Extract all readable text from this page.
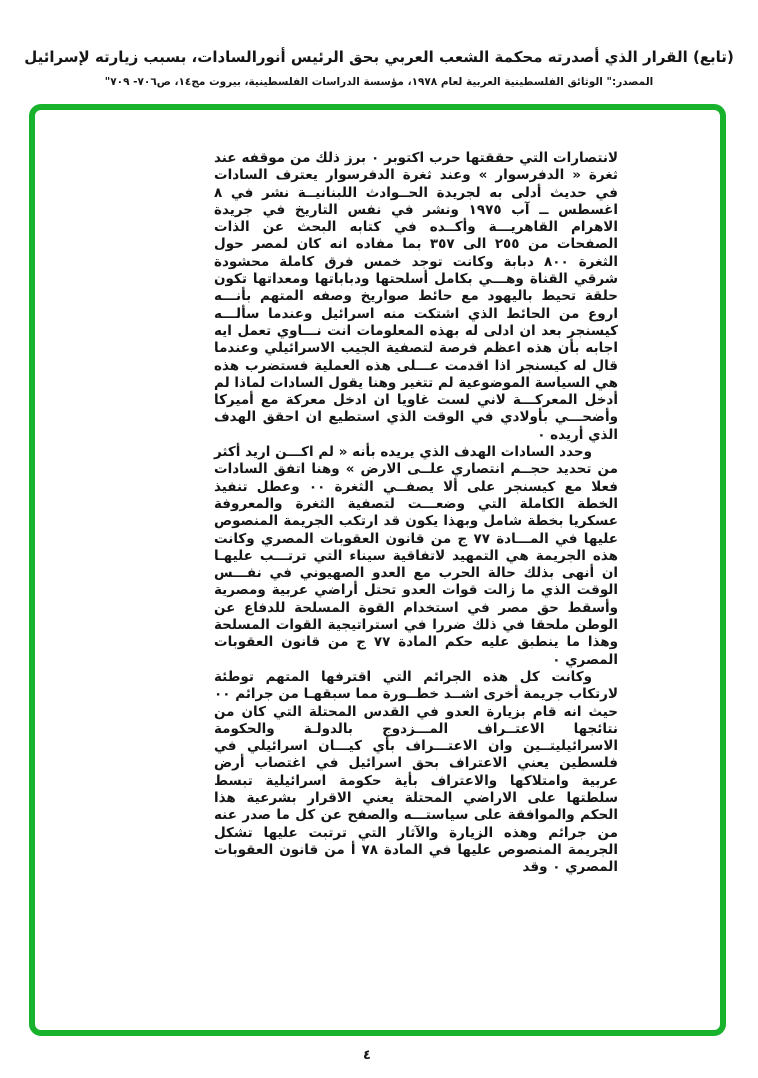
(تابع) القرار الذي أصدرته محكمة الشعب العربي بحق الرئيس أنورالسادات، بسبب زيارته لإسرائيل
المصدر:" الوثائق الفلسطينية العربية لعام ١٩٧٨، مؤسسة الدراسات الفلسطينية، بيروت مج١٤، ص٧٠٦- ٧٠٩"

لانتصارات التي حققتها حرب اكتوبر ٠ برز ذلك من موقفه عند ثغرة « الدفرسوار » وعند ثغرة الدفرسوار يعترف السادات في حديث أدلى به لجريدة الحــوادث اللبنانيــة نشر في ٨ اغسطس ــ آب ١٩٧٥ ونشر في نفس التاريخ في جريدة الاهرام القاهريـــة وأكــده في كتابه البحث عن الذات الصفحات من ٢٥٥ الى ٣٥٧ بما مفاده انه كان لمصر حول الثغرة ٨٠٠ دبابة وكانت توجد خمس فرق كاملة محشودة شرقي القناة وهـــي بكامل أسلحتها ودباباتها ومعداتها تكون حلقة تحيط باليهود مع حائط صواريخ وصفه المتهم بأنـــه اروع من الحائط الذي اشتكت منه اسرائيل وعندما سألـــه كيسنجر بعد ان ادلى له بهذه المعلومات انت نـــاوي تعمل ايه اجابه بأن هذه اعظم فرصة لتصفية الجيب الاسرائيلي وعندما قال له كيسنجر اذا اقدمت عـــلى هذه العملية فستضرب هذه هي السياسة الموضوعية لم تتغير وهنا يقول السادات لماذا لم أدخل المعركـــة لاني لست غاويا ان ادخل معركة مع أميركا وأضحـــي بأولادي في الوقت الذي استطيع ان احقق الهدف الذي أريده ٠

وحدد السادات الهدف الذي يريده بأنه « لم اكـــن اريد أكثر من تحديد حجــم انتصاري علــى الارض » وهنا اتفق السادات فعلا مع كيسنجر على ألا يصفــي الثغرة ٠٠ وعطل تنفيذ الخطة الكاملة التي وضعـــت لتصفية الثغرة والمعروفة عسكريا بخطة شامل وبهذا يكون قد ارتكب الجريمة المنصوص عليها في المـــادة ٧٧ ج من قانون العقوبات المصري وكانت هذه الجريمة هي التمهيد لاتفاقية سيناء التي ترتـــب عليهـا ان أنهى بذلك حالة الحرب مع العدو الصهيوني في نفـــس الوقت الذي ما زالت قوات العدو تحتل أراضي عربية ومصرية وأسقط حق مصر في استخدام القوة المسلحة للدفاع عن الوطن ملحقا في ذلك ضررا في استراتيجية القوات المسلحة وهذا ما ينطبق عليه حكم المادة ٧٧ ج من قانون العقوبات المصري ٠

وكانت كل هذه الجرائم التي اقترفها المتهم توطئة لارتكاب جريمة أخرى اشــد خطــورة مما سبقهـا من جرائم ٠٠ حيث انه قام بزيارة العدو في القدس المحتلة التي كان من نتائجها الاعتــراف المـــزدوج بالدولـة والحكومة الاسرائيليتــين وان الاعتـــراف بأي كيـــان اسرائيلي في فلسطين يعني الاعتراف بحق اسرائيل في اغتصاب أرض عربية وامتلاكها والاعتراف بأية حكومة اسرائيلية تبسط سلطتها على الاراضي المحتلة يعني الاقرار بشرعية هذا الحكم والموافقة على سياستـــه والصفح عن كل ما صدر عنه من جرائم وهذه الزيارة والآثار التي ترتبت عليها تشكل الجريمة المنصوص عليها في المادة ٧٨ أ من قانون العقوبات المصري ٠ وقد

٤
